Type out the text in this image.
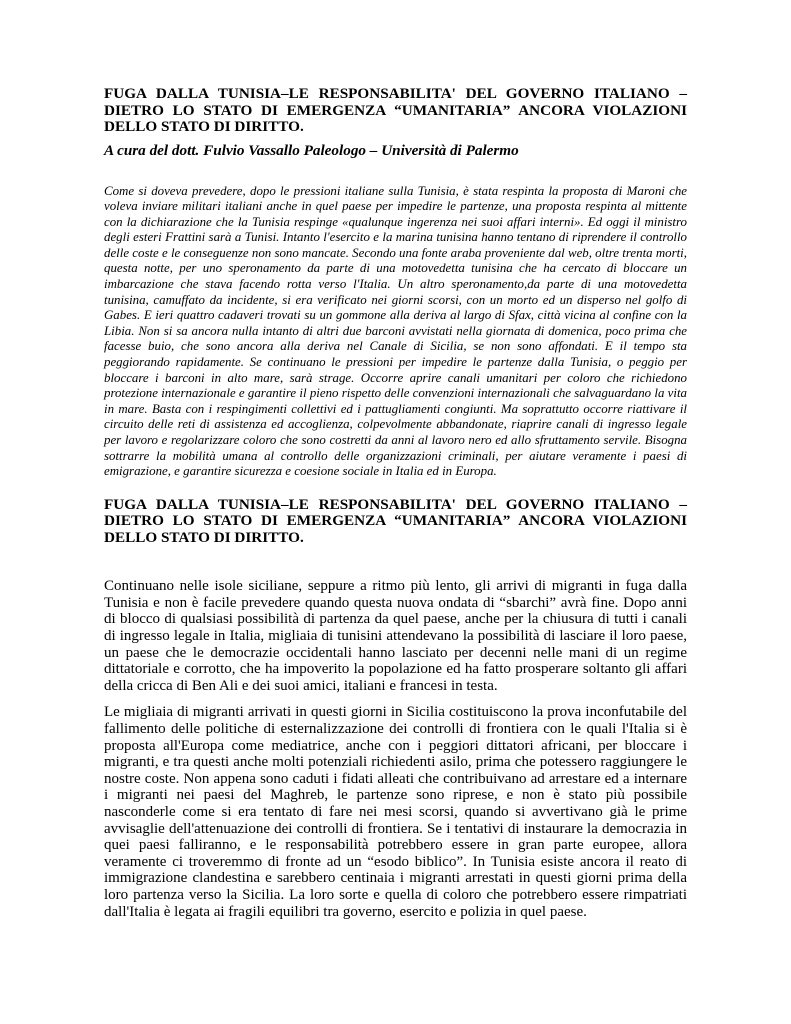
FUGA DALLA TUNISIA–LE RESPONSABILITA' DEL GOVERNO ITALIANO – DIETRO LO STATO DI EMERGENZA “UMANITARIA” ANCORA VIOLAZIONI DELLO STATO DI DIRITTO.

A cura del dott. Fulvio Vassallo Paleologo – Università di Palermo

Come si doveva prevedere, dopo le pressioni italiane sulla Tunisia, è stata respinta la proposta di Maroni che voleva inviare militari italiani anche in quel paese per impedire le partenze, una proposta respinta al mittente con la dichiarazione che la Tunisia respinge «qualunque ingerenza nei suoi affari interni». Ed oggi il ministro degli esteri Frattini sarà a Tunisi. Intanto l'esercito e la marina tunisina hanno tentano di riprendere il controllo delle coste e le conseguenze non sono mancate. Secondo una fonte araba proveniente dal web, oltre trenta morti, questa notte, per uno speronamento da parte di una motovedetta tunisina che ha cercato di bloccare un imbarcazione che stava facendo rotta verso l'Italia. Un altro speronamento,da parte di una motovedetta tunisina, camuffato da incidente, si era verificato nei giorni scorsi, con un morto ed un disperso nel golfo di Gabes. E ieri quattro cadaveri trovati su un gommone alla deriva al largo di Sfax, città vicina al confine con la Libia. Non si sa ancora nulla intanto di altri due barconi avvistati nella giornata di domenica, poco prima che facesse buio, che sono ancora alla deriva nel Canale di Sicilia, se non sono affondati. E il tempo sta peggiorando rapidamente. Se continuano le pressioni per impedire le partenze dalla Tunisia, o peggio per bloccare i barconi in alto mare, sarà strage. Occorre aprire canali umanitari per coloro che richiedono protezione internazionale e garantire il pieno rispetto delle convenzioni internazionali che salvaguardano la vita in mare. Basta con i respingimenti collettivi ed i pattugliamenti congiunti. Ma soprattutto occorre riattivare il circuito delle reti di assistenza ed accoglienza, colpevolmente abbandonate, riaprire canali di ingresso legale per lavoro e regolarizzare coloro che sono costretti da anni al lavoro nero ed allo sfruttamento servile. Bisogna sottrarre la mobilità umana al controllo delle organizzazioni criminali, per aiutare veramente i paesi di emigrazione, e garantire sicurezza e coesione sociale in Italia ed in Europa.

FUGA DALLA TUNISIA–LE RESPONSABILITA' DEL GOVERNO ITALIANO – DIETRO LO STATO DI EMERGENZA “UMANITARIA” ANCORA VIOLAZIONI DELLO STATO DI DIRITTO.

Continuano nelle isole siciliane, seppure a ritmo più lento, gli arrivi di migranti in fuga dalla Tunisia e non è facile prevedere quando questa nuova ondata di “sbarchi” avrà fine. Dopo anni di blocco di qualsiasi possibilità di partenza da quel paese, anche per la chiusura di tutti i canali di ingresso legale in Italia, migliaia di tunisini attendevano la possibilità di lasciare il loro paese, un paese che le democrazie occidentali hanno lasciato per decenni nelle mani di un regime dittatoriale e corrotto, che ha impoverito la popolazione ed ha fatto prosperare soltanto gli affari della cricca di Ben Ali e dei suoi amici, italiani e francesi in testa.

Le migliaia di migranti arrivati in questi giorni in Sicilia costituiscono la prova inconfutabile del fallimento delle politiche di esternalizzazione dei controlli di frontiera con le quali l'Italia si è proposta all'Europa come mediatrice, anche con i peggiori dittatori africani, per bloccare i migranti, e tra questi anche molti potenziali richiedenti asilo, prima che potessero raggiungere le nostre coste. Non appena sono caduti i fidati alleati che contribuivano ad arrestare ed a internare i migranti nei paesi del Maghreb, le partenze sono riprese, e non è stato più possibile nasconderle come si era tentato di fare nei mesi scorsi, quando si avvertivano già le prime avvisaglie dell'attenuazione dei controlli di frontiera. Se i tentativi di instaurare la democrazia in quei paesi falliranno, e le responsabilità potrebbero essere in gran parte europee, allora veramente ci troveremmo di fronte ad un “esodo biblico”. In Tunisia esiste ancora il reato di immigrazione clandestina e sarebbero centinaia i migranti arrestati in questi giorni prima della loro partenza verso la Sicilia. La loro sorte e quella di coloro che potrebbero essere rimpatriati dall'Italia è legata ai fragili equilibri tra governo, esercito e polizia in quel paese.
